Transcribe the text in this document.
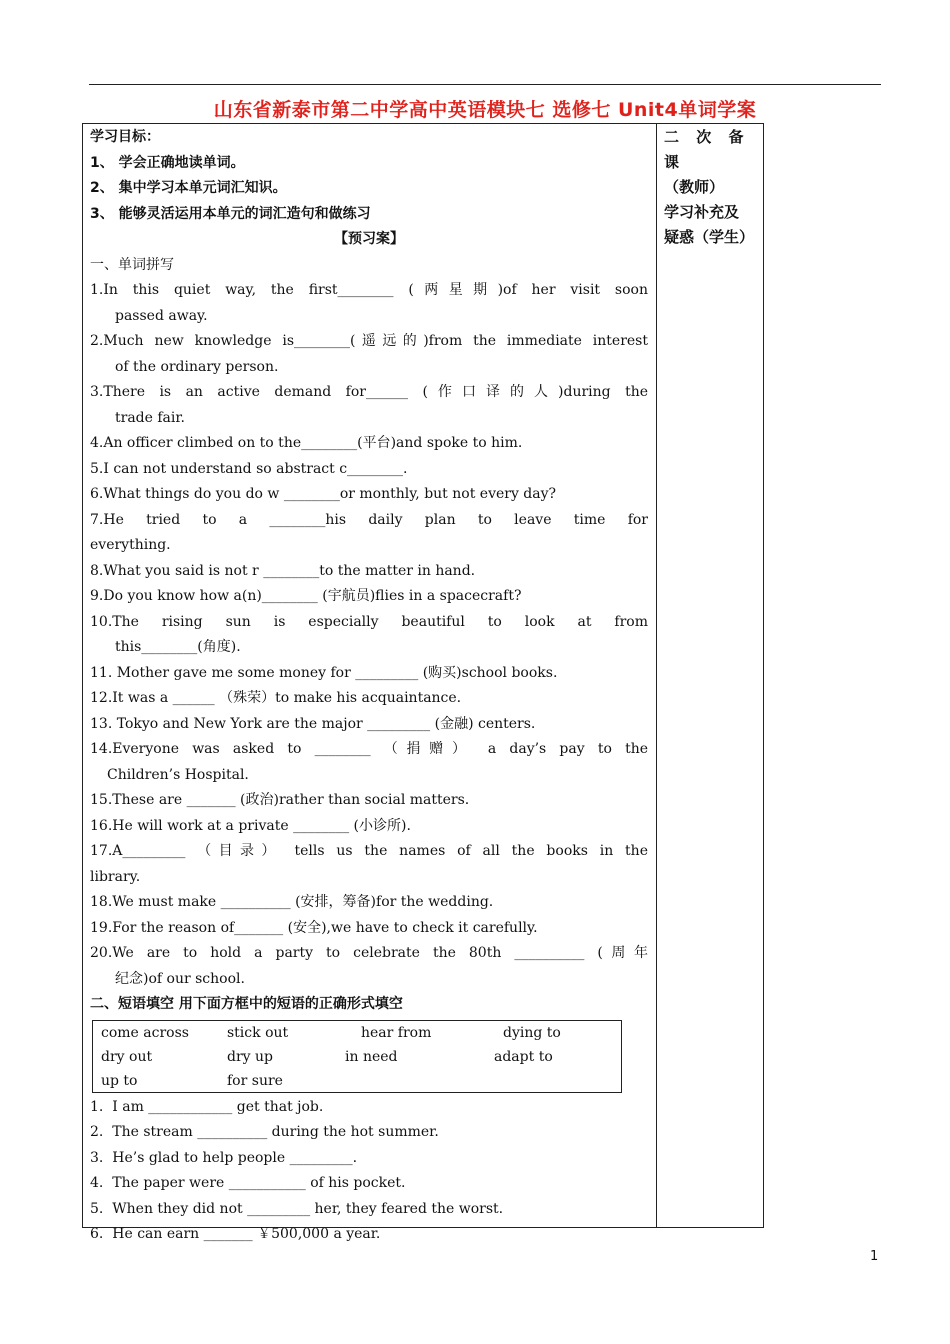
山东省新泰市第二中学高中英语模块七 选修七 Unit4单词学案
二 次 备 课
（教师）
学习补充及
疑惑（学生）
学习目标：
1、 学会正确地读单词。
2、 集中学习本单元词汇知识。
3、 能够灵活运用本单元的词汇造句和做练习
【预习案】
一、单词拼写
1.In this quiet way, the first________ (两星期)of her visit soon
passed away.
2.Much new knowledge is________(遥远的)from the immediate interest
of the ordinary person.
3.There is an active demand for______ (作口译的人)during the
trade fair.
4.An officer climbed on to the________(平台)and spoke to him.
5.I can not understand so abstract c________.
6.What things do you do w ________or monthly, but not every day?
7.He tried to a ________his daily plan to leave time for
everything.
8.What you said is not r ________to the matter in hand.
9.Do you know how a(n)________ (宇航员)flies in a spacecraft?
10.The rising sun is especially beautiful to look at from
this________(角度).
11. Mother gave me some money for _________ (购买)school books.
12.It was a ______ （殊荣）to make his acquaintance.
13. Tokyo and New York are the major _________ (金融) centers.
14.Everyone was asked to ________ （捐赠） a day’s pay to the
Children’s Hospital.
15.These are _______ (政治)rather than social matters.
16.He will work at a private ________ (小诊所).
17.A_________ （目录） tells us the names of all the books in the
library.
18.We must make __________ (安排，筹备)for the wedding.
19.For the reason of_______ (安全),we have to check it carefully.
20.We are to hold a party to celebrate the 80th __________ (周年
纪念)of our school.
二、短语填空 用下面方框中的短语的正确形式填空
come across	stick out	hear from	dying to
dry out	dry up	in need	adapt to
up to	for sure
1.  I am ____________ get that job.
2.  The stream __________ during the hot summer.
3.  He’s glad to help people _________.
4.  The paper were ___________ of his pocket.
5.  When they did not _________ her, they feared the worst.
6.  He can earn _______ ￥500,000 a year.
1
